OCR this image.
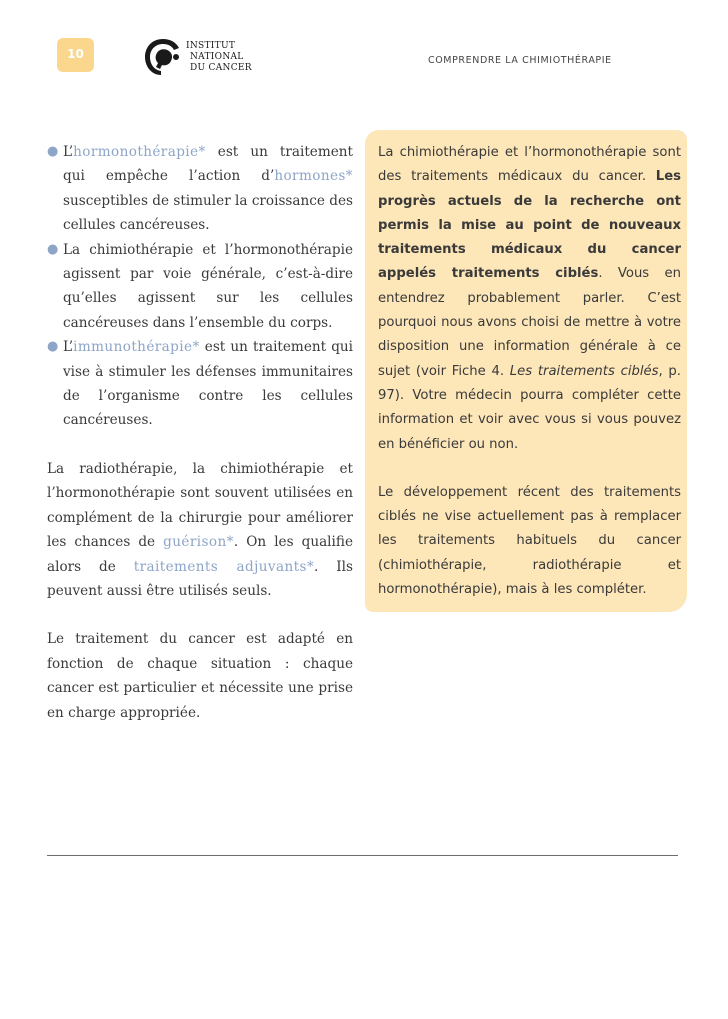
10
INSTITUT
NATIONAL
DU CANCER
COMPRENDRE LA CHIMIOTHÉRAPIE
● L’hormonothérapie* est un traitement qui empêche l’action d’hormones* susceptibles de stimuler la croissance des cellules cancéreuses.
● La chimiothérapie et l’hormonothérapie agissent par voie générale, c’est-à-dire qu’elles agissent sur les cellules cancéreuses dans l’ensemble du corps.
● L’immunothérapie* est un traitement qui vise à stimuler les défenses immunitaires de l’organisme contre les cellules cancéreuses.

La radiothérapie, la chimiothérapie et l’hormonothérapie sont souvent utilisées en complément de la chirurgie pour améliorer les chances de guérison*. On les qualifie alors de traitements adjuvants*. Ils peuvent aussi être utilisés seuls.

Le traitement du cancer est adapté en fonction de chaque situation : chaque cancer est particulier et nécessite une prise en charge appropriée.

La chimiothérapie et l’hormonothérapie sont des traitements médicaux du cancer. Les progrès actuels de la recherche ont permis la mise au point de nouveaux traitements médicaux du cancer appelés traitements ciblés. Vous en entendrez probablement parler. C’est pourquoi nous avons choisi de mettre à votre disposition une information générale à ce sujet (voir Fiche 4. Les traitements ciblés, p. 97). Votre médecin pourra compléter cette information et voir avec vous si vous pouvez en bénéficier ou non.

Le développement récent des traitements ciblés ne vise actuellement pas à remplacer les traitements habituels du cancer (chimiothérapie, radiothérapie et hormonothérapie), mais à les compléter.
